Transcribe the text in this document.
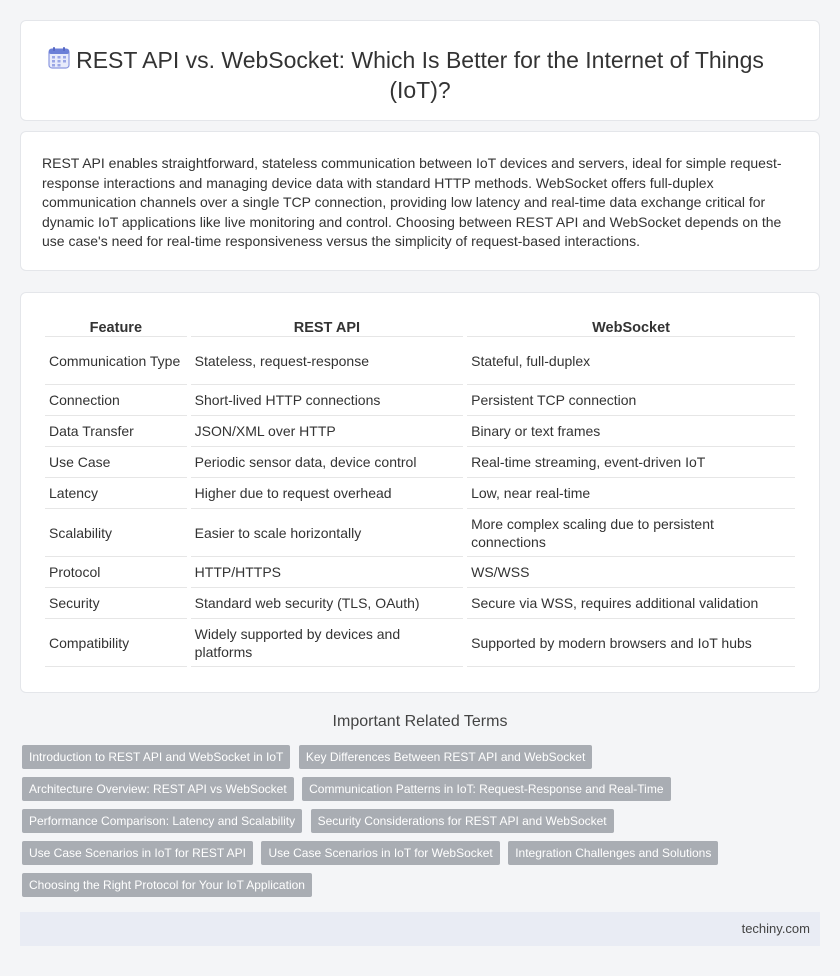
REST API vs. WebSocket: Which Is Better for the Internet of Things (IoT)?

REST API enables straightforward, stateless communication between IoT devices and servers, ideal for simple request-response interactions and managing device data with standard HTTP methods. WebSocket offers full-duplex communication channels over a single TCP connection, providing low latency and real-time data exchange critical for dynamic IoT applications like live monitoring and control. Choosing between REST API and WebSocket depends on the use case's need for real-time responsiveness versus the simplicity of request-based interactions.

Feature	REST API	WebSocket
Communication Type	Stateless, request-response	Stateful, full-duplex
Connection	Short-lived HTTP connections	Persistent TCP connection
Data Transfer	JSON/XML over HTTP	Binary or text frames
Use Case	Periodic sensor data, device control	Real-time streaming, event-driven IoT
Latency	Higher due to request overhead	Low, near real-time
Scalability	Easier to scale horizontally	More complex scaling due to persistent connections
Protocol	HTTP/HTTPS	WS/WSS
Security	Standard web security (TLS, OAuth)	Secure via WSS, requires additional validation
Compatibility	Widely supported by devices and platforms	Supported by modern browsers and IoT hubs
Important Related Terms
Introduction to REST API and WebSocket in IoT Key Differences Between REST API and WebSocket
Architecture Overview: REST API vs WebSocket Communication Patterns in IoT: Request-Response and Real-Time
Performance Comparison: Latency and Scalability Security Considerations for REST API and WebSocket
Use Case Scenarios in IoT for REST API Use Case Scenarios in IoT for WebSocket Integration Challenges and Solutions
Choosing the Right Protocol for Your IoT Application
techiny.com
